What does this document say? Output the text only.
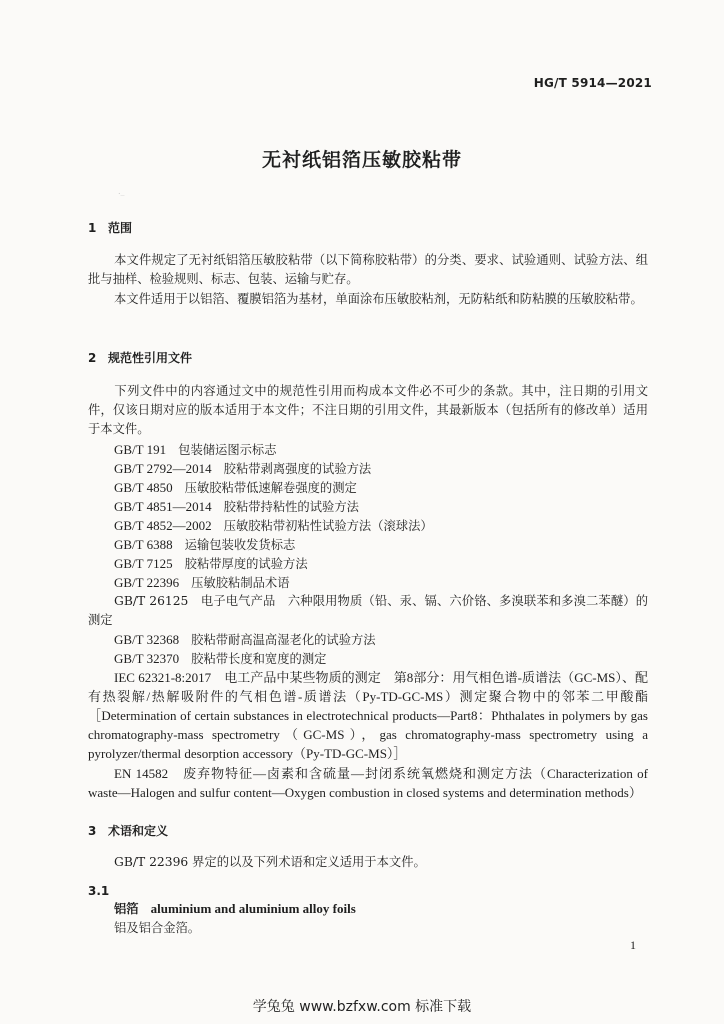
HG/T 5914—2021
无衬纸铝箔压敏胶粘带
._
1 范围
本文件规定了无衬纸铝箔压敏胶粘带（以下简称胶粘带）的分类、要求、试验通则、试验方法、组批与抽样、检验规则、标志、包装、运输与贮存。
本文件适用于以铝箔、覆膜铝箔为基材，单面涂布压敏胶粘剂，无防粘纸和防粘膜的压敏胶粘带。
2 规范性引用文件
下列文件中的内容通过文中的规范性引用而构成本文件必不可少的条款。其中，注日期的引用文件，仅该日期对应的版本适用于本文件；不注日期的引用文件，其最新版本（包括所有的修改单）适用于本文件。
GB/T 191 包装储运图示标志
GB/T 2792—2014 胶粘带剥离强度的试验方法
GB/T 4850 压敏胶粘带低速解卷强度的测定
GB/T 4851—2014 胶粘带持粘性的试验方法
GB/T 4852—2002 压敏胶粘带初粘性试验方法（滚球法）
GB/T 6388 运输包装收发货标志
GB/T 7125 胶粘带厚度的试验方法
GB/T 22396 压敏胶粘制品术语
GB/T 26125　电子电气产品　六种限用物质（铅、汞、镉、六价铬、多溴联苯和多溴二苯醚）的测定
GB/T 32368 胶粘带耐高温高湿老化的试验方法
GB/T 32370 胶粘带长度和宽度的测定
IEC 62321-8:2017　电工产品中某些物质的测定　第8部分：用气相色谱-质谱法（GC-MS）、配有热裂解/热解吸附件的气相色谱-质谱法（Py-TD-GC-MS）测定聚合物中的邻苯二甲酸酯［Determination of certain substances in electrotechnical products—Part8：Phthalates in polymers by gas chromatography-mass spectrometry（GC-MS），gas chromatography-mass spectrometry using a pyrolyzer/thermal desorption accessory（Py-TD-GC-MS）］
EN 14582　废弃物特征—卤素和含硫量—封闭系统氧燃烧和测定方法（Characterization of waste—Halogen and sulfur content—Oxygen combustion in closed systems and determination methods）
3 术语和定义
GB/T 22396 界定的以及下列术语和定义适用于本文件。
3.1
铝箔 aluminium and aluminium alloy foils
铝及铝合金箔。
1
学兔兔 www.bzfxw.com 标准下载
